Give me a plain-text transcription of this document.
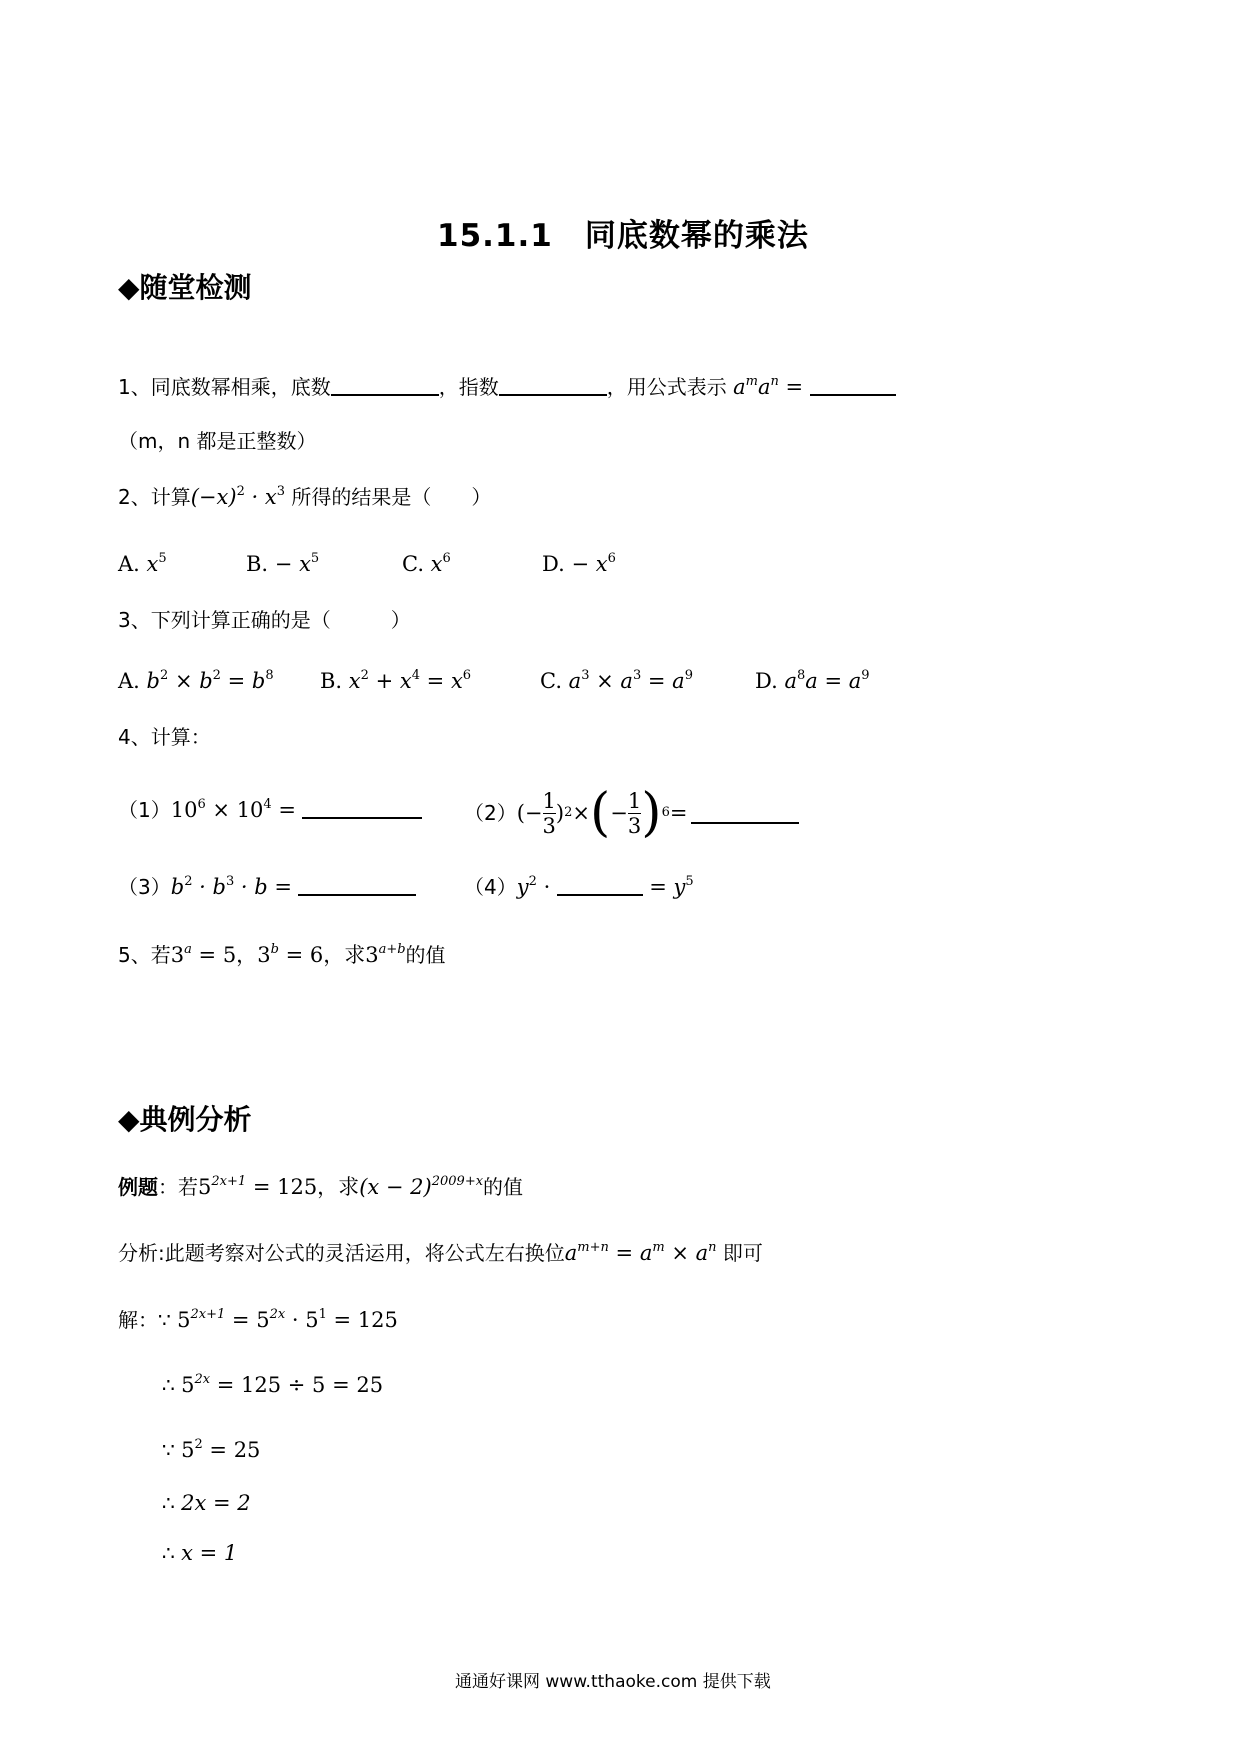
15.1.1　同底数幂的乘法
◆随堂检测
1、同底数幂相乘，底数	，指数	，用公式表示 $a^ma^n$ =
（m，n 都是正整数）
2、计算$(-x)^2 \cdot x^3$ 所得的结果是（　　）
A. $x^5$	B. − $x^5$	C. $x^6$	D. − $x^6$
3、下列计算正确的是（　　　）
A. $b^2 \times b^2 = b^8$ B. $x^2 + x^4 = x^6$	C. $a^3 \times a^3 = a^9$	D. $a^8a = a^9$
4、计算：
$(1)10^6 \times 10^4$ =	（2） (− $\frac{1}{3}$ ) 2 × ( − $\frac{1}{3}$ ) 6 =
$(3)b^2 \cdot b^3 \cdot b$ =	$(4)y^2$ ·	= $y^5$
5、若$3^a = 5$，$3^b = 6$，求$3^{a+b}$的值
◆典例分析
例题：若$5^{2x+1} = 125$，求$(x - 2)^{2009+x}$的值
分析:此题考察对公式的灵活运用，将公式左右换位$a^{m+n} = a^m \times a^n$ 即可
解：∵ $5^{2x+1} = 5^{2x} \cdot 5^1 = 125$
∴ $5^{2x} = 125 \div 5 = 25$
∵ $5^2 = 25$
∴ 2x = 2
∴ x = 1
通通好课网 www.tthaoke.com 提供下载
